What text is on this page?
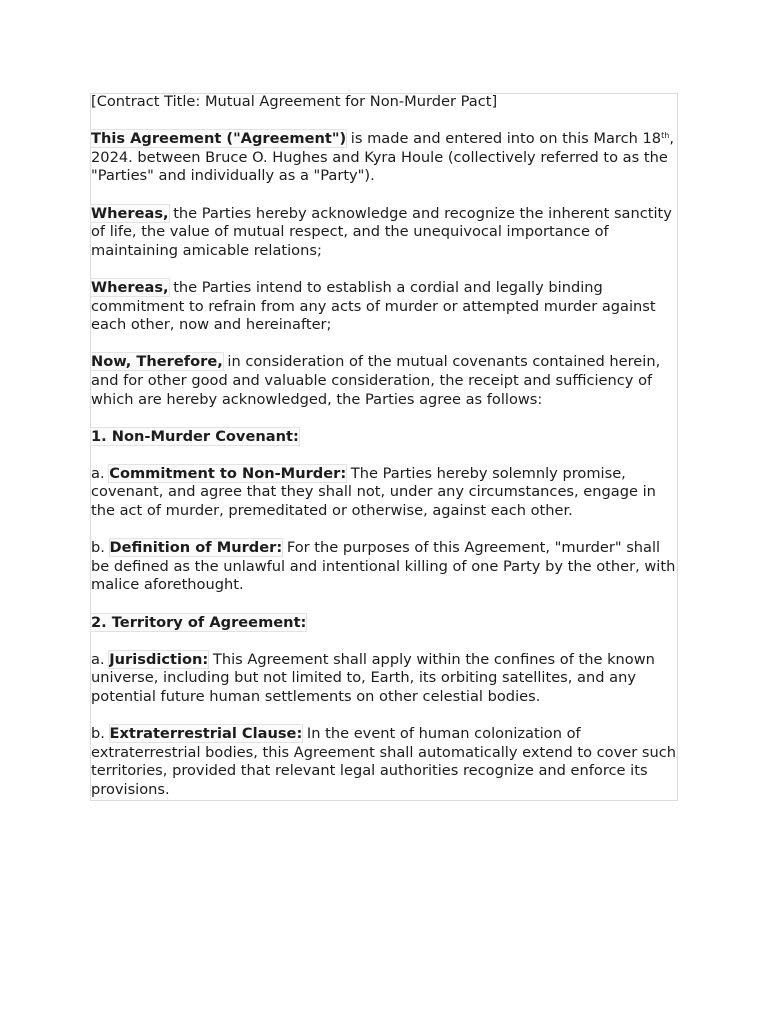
[Contract Title: Mutual Agreement for Non-Murder Pact]

This Agreement ("Agreement") is made and entered into on this March 18th, 2024. between Bruce O. Hughes and Kyra Houle (collectively referred to as the "Parties" and individually as a "Party").

Whereas, the Parties hereby acknowledge and recognize the inherent sanctity of life, the value of mutual respect, and the unequivocal importance of maintaining amicable relations;

Whereas, the Parties intend to establish a cordial and legally binding commitment to refrain from any acts of murder or attempted murder against each other, now and hereinafter;

Now, Therefore, in consideration of the mutual covenants contained herein, and for other good and valuable consideration, the receipt and sufficiency of which are hereby acknowledged, the Parties agree as follows:

1. Non-Murder Covenant:

a. Commitment to Non-Murder: The Parties hereby solemnly promise, covenant, and agree that they shall not, under any circumstances, engage in the act of murder, premeditated or otherwise, against each other.

b. Definition of Murder: For the purposes of this Agreement, "murder" shall be defined as the unlawful and intentional killing of one Party by the other, with malice aforethought.

2. Territory of Agreement:

a. Jurisdiction: This Agreement shall apply within the confines of the known universe, including but not limited to, Earth, its orbiting satellites, and any potential future human settlements on other celestial bodies.

b. Extraterrestrial Clause: In the event of human colonization of extraterrestrial bodies, this Agreement shall automatically extend to cover such territories, provided that relevant legal authorities recognize and enforce its provisions.
